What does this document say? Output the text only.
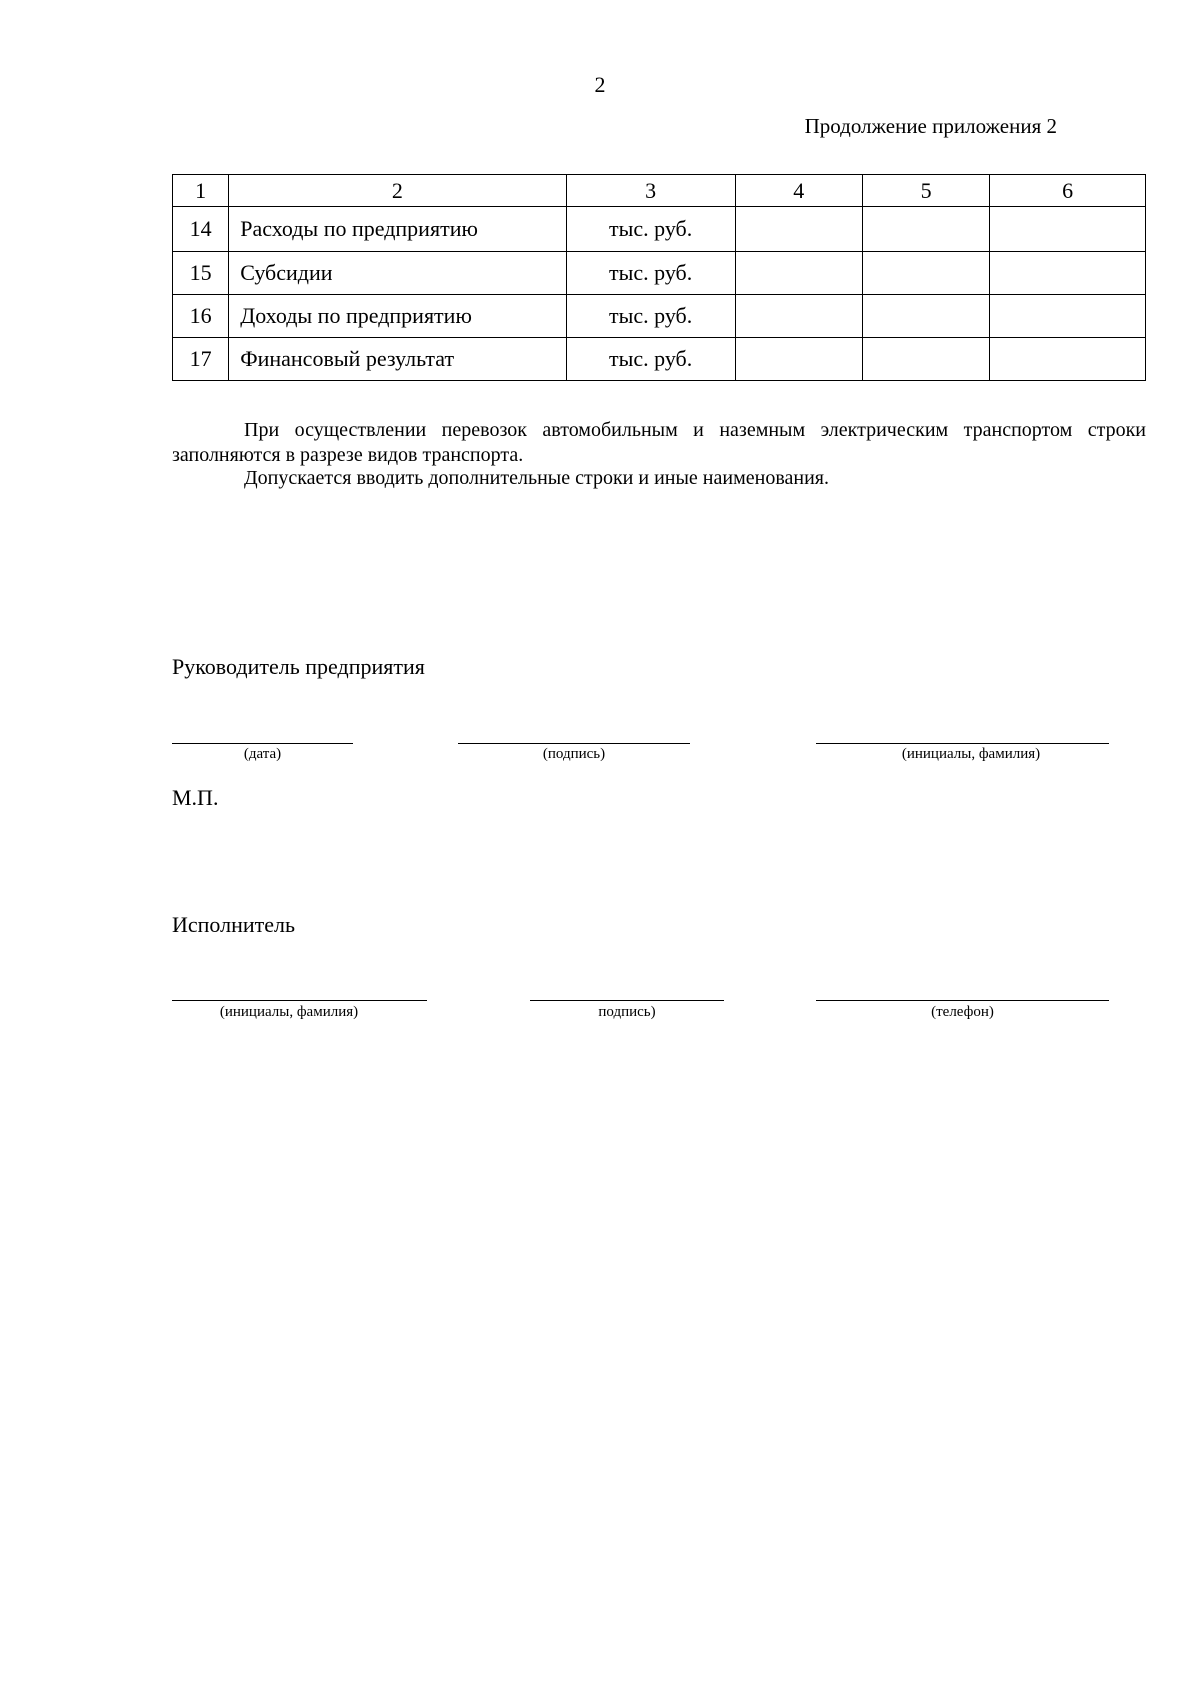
2
Продолжение приложения 2
1	2	3	4	5	6
14	Расходы по предприятию	тыс. руб.			
15	Субсидии	тыс. руб.			
16	Доходы по предприятию	тыс. руб.			
17	Финансовый результат	тыс. руб.			
При осуществлении перевозок автомобильным и наземным электрическим транспортом строки заполняются в разрезе видов транспорта.
Допускается вводить дополнительные строки и иные наименования.
Руководитель предприятия
(дата)	(подпись)	(инициалы, фамилия)
М.П.
Исполнитель
(инициалы, фамилия)	подпись)	(телефон)
